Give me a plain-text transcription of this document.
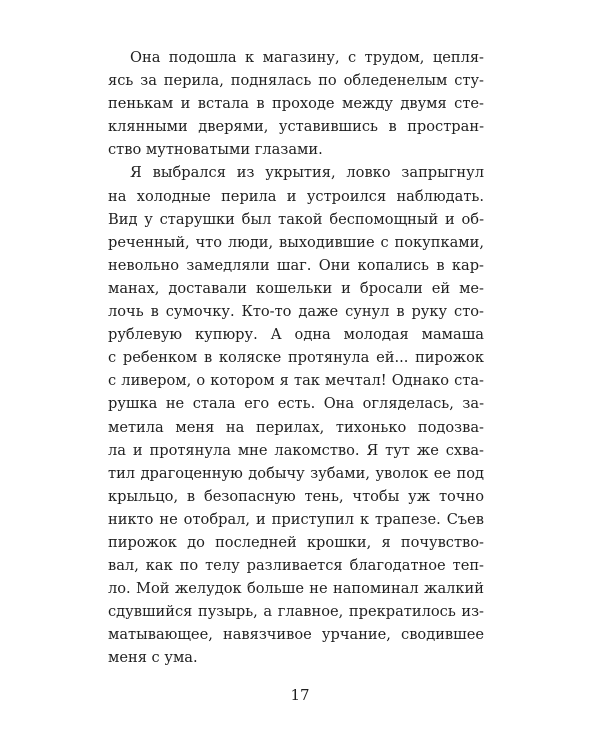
Она подошла к магазину, с трудом, цепля-
ясь за перила, поднялась по обледенелым сту-
пенькам и встала в проходе между двумя сте-
клянными дверями, уставившись в простран-
ство мутноватыми глазами.
Я выбрался из укрытия, ловко запрыгнул
на холодные перила и устроился наблюдать.
Вид у старушки был такой беспомощный и об-
реченный, что люди, выходившие с покупками,
невольно замедляли шаг. Они копались в кар-
манах, доставали кошельки и бросали ей ме-
лочь в сумочку. Кто-то даже сунул в руку сто-
рублевую купюру. А одна молодая мамаша
с ребенком в коляске протянула ей... пирожок
с ливером, о котором я так мечтал! Однако ста-
рушка не стала его есть. Она огляделась, за-
метила меня на перилах, тихонько подозва-
ла и протянула мне лакомство. Я тут же схва-
тил драгоценную добычу зубами, уволок ее под
крыльцо, в безопасную тень, чтобы уж точно
никто не отобрал, и приступил к трапезе. Съев
пирожок до последней крошки, я почувство-
вал, как по телу разливается благодатное теп-
ло. Мой желудок больше не напоминал жалкий
сдувшийся пузырь, а главное, прекратилось из-
матывающее, навязчивое урчание, сводившее
меня с ума.
17
